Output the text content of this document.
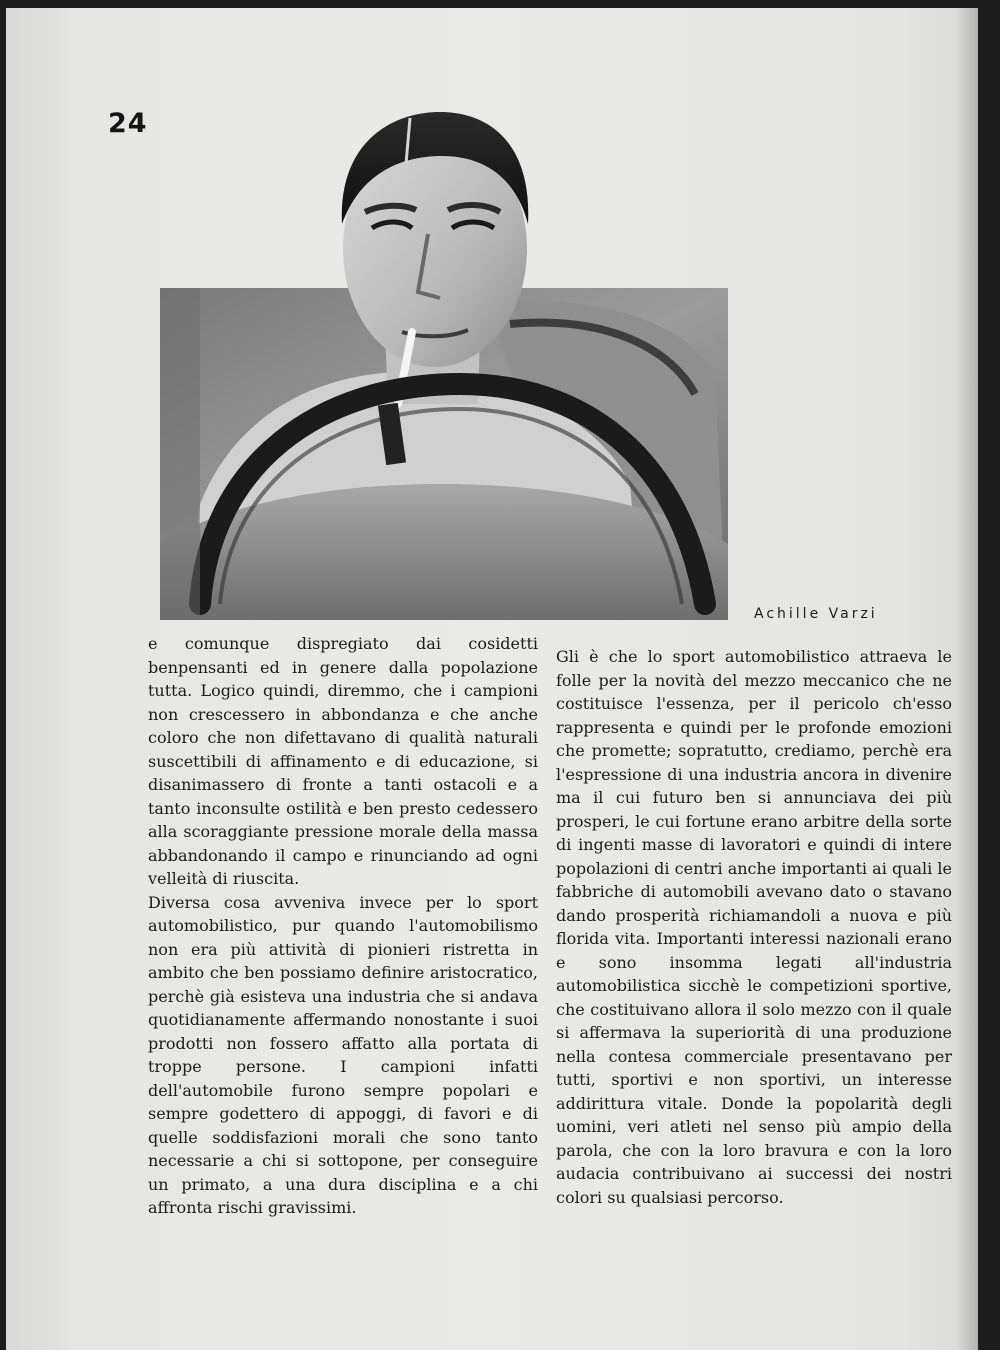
24
Achille Varzi

e comunque dispregiato dai cosidetti benpensanti ed in genere dalla popolazione tutta. Logico quindi, diremmo, che i campioni non crescessero in abbondanza e che anche coloro che non difettavano di qualità naturali suscettibili di affinamento e di educazione, si disanimassero di fronte a tanti ostacoli e a tanto inconsulte ostilità e ben presto cedessero alla scoraggiante pressione morale della massa abbandonando il campo e rinunciando ad ogni velleità di riuscita.

Diversa cosa avveniva invece per lo sport automobilistico, pur quando l'automobilismo non era più attività di pionieri ristretta in ambito che ben possiamo definire aristocratico, perchè già esisteva una industria che si andava quotidianamente affermando nonostante i suoi prodotti non fossero affatto alla portata di troppe persone. I campioni infatti dell'automobile furono sempre popolari e sempre godettero di appoggi, di favori e di quelle soddisfazioni morali che sono tanto necessarie a chi si sottopone, per conseguire un primato, a una dura disciplina e a chi affronta rischi gravissimi.

Gli è che lo sport automobilistico attraeva le folle per la novità del mezzo meccanico che ne costituisce l'essenza, per il pericolo ch'esso rappresenta e quindi per le profonde emozioni che promette; sopratutto, crediamo, perchè era l'espressione di una industria ancora in divenire ma il cui futuro ben si annunciava dei più prosperi, le cui fortune erano arbitre della sorte di ingenti masse di lavoratori e quindi di intere popolazioni di centri anche importanti ai quali le fabbriche di automobili avevano dato o stavano dando prosperità richiamandoli a nuova e più florida vita. Importanti interessi nazionali erano e sono insomma legati all'industria automobilistica sicchè le competizioni sportive, che costituivano allora il solo mezzo con il quale si affermava la superiorità di una produzione nella contesa commerciale presentavano per tutti, sportivi e non sportivi, un interesse addirittura vitale. Donde la popolarità degli uomini, veri atleti nel senso più ampio della parola, che con la loro bravura e con la loro audacia contribuivano ai successi dei nostri colori su qualsiasi percorso.
